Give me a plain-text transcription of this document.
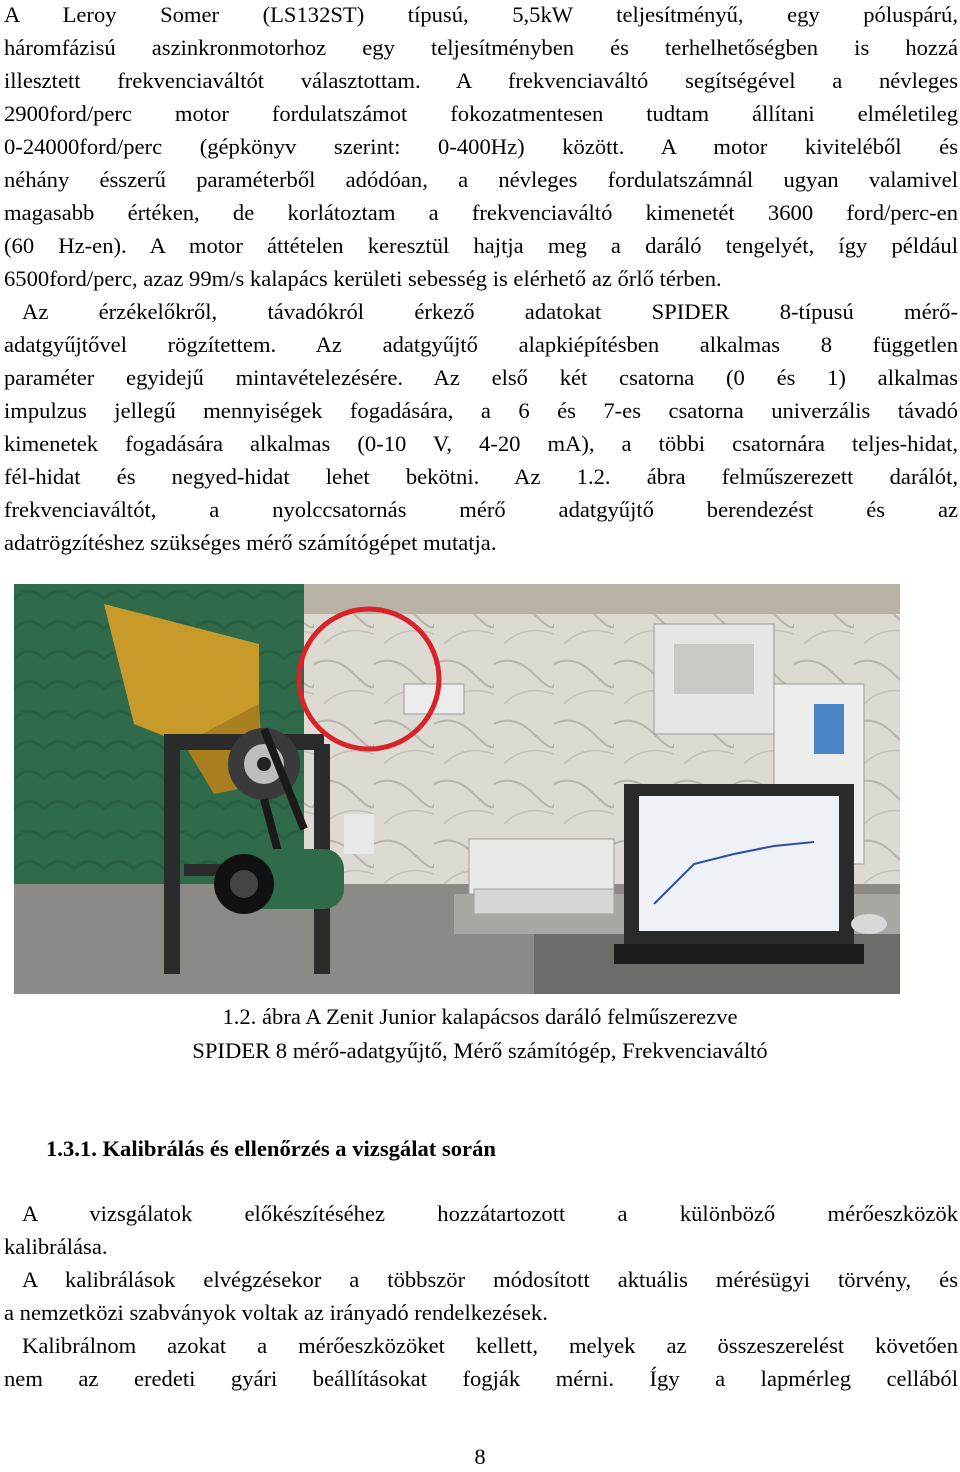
A Leroy Somer (LS132ST) típusú, 5,5kW teljesítményű, egy póluspárú,
háromfázisú aszinkronmotorhoz egy teljesítményben és terhelhetőségben is hozzá
illesztett frekvenciaváltót választottam. A frekvenciaváltó segítségével a névleges
2900ford/perc motor fordulatszámot fokozatmentesen tudtam állítani elméletileg
0-24000ford/perc (gépkönyv szerint: 0-400Hz) között. A motor kiviteléből és
néhány ésszerű paraméterből adódóan, a névleges fordulatszámnál ugyan valamivel
magasabb értéken, de korlátoztam a frekvenciaváltó kimenetét 3600 ford/perc-en
(60 Hz-en). A motor áttételen keresztül hajtja meg a daráló tengelyét, így például
6500ford/perc, azaz 99m/s kalapács kerületi sebesség is elérhető az őrlő térben.
Az érzékelőkről, távadókról érkező adatokat SPIDER 8-típusú mérő-
adatgyűjtővel rögzítettem. Az adatgyűjtő alapkiépítésben alkalmas 8 független
paraméter egyidejű mintavételezésére. Az első két csatorna (0 és 1) alkalmas
impulzus jellegű mennyiségek fogadására, a 6 és 7-es csatorna univerzális távadó
kimenetek fogadására alkalmas (0-10 V, 4-20 mA), a többi csatornára teljes-hidat,
fél-hidat és negyed-hidat lehet bekötni. Az 1.2. ábra felműszerezett darálót,
frekvenciaváltót, a nyolccsatornás mérő adatgyűjtő berendezést és az
adatrögzítéshez szükséges mérő számítógépet mutatja.
1.2. ábra A Zenit Junior kalapácsos daráló felműszerezve
SPIDER 8 mérő-adatgyűjtő, Mérő számítógép, Frekvenciaváltó
1.3.1. Kalibrálás és ellenőrzés a vizsgálat során
A vizsgálatok előkészítéséhez hozzátartozott a különböző mérőeszközök
kalibrálása.
A kalibrálások elvégzésekor a többször módosított aktuális mérésügyi törvény, és
a nemzetközi szabványok voltak az irányadó rendelkezések.
Kalibrálnom azokat a mérőeszközöket kellett, melyek az összeszerelést követően
nem az eredeti gyári beállításokat fogják mérni. Így a lapmérleg cellából
8
